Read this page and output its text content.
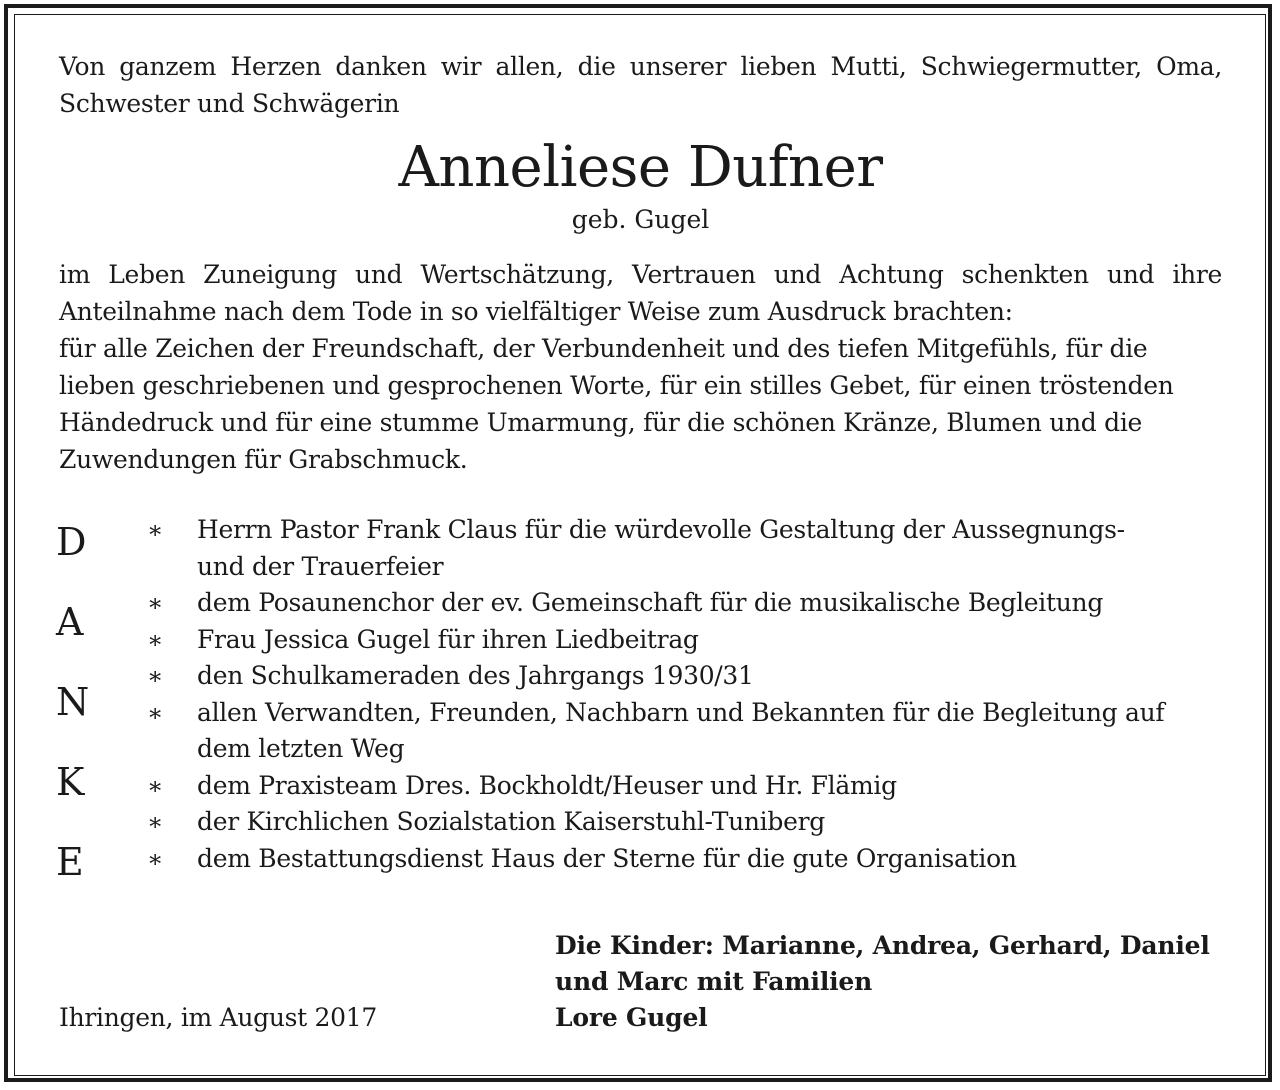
Von ganzem Herzen danken wir allen, die unserer lieben Mutti, Schwiegermutter, Oma, Schwester und Schwägerin

Anneliese Dufner
geb. Gugel

im Leben Zuneigung und Wertschätzung, Vertrauen und Achtung schenkten und ihre Anteilnahme nach dem Tode in so vielfältiger Weise zum Ausdruck brachten:

für alle Zeichen der Freundschaft, der Verbundenheit und des tiefen Mitgefühls, für die lieben geschriebenen und gesprochenen Worte, für ein stilles Gebet, für einen tröstenden Händedruck und für eine stumme Umarmung, für die schönen Kränze, Blumen und die Zuwendungen für Grabschmuck.

D
A
N
K
E
∗ Herrn Pastor Frank Claus für die würdevolle Gestaltung der Aussegnungs- und der Trauerfeier
∗ dem Posaunenchor der ev. Gemeinschaft für die musikalische Begleitung
∗ Frau Jessica Gugel für ihren Liedbeitrag
∗ den Schulkameraden des Jahrgangs 1930/31
∗ allen Verwandten, Freunden, Nachbarn und Bekannten für die Begleitung auf dem letzten Weg
∗ dem Praxisteam Dres. Bockholdt/Heuser und Hr. Flämig
∗ der Kirchlichen Sozialstation Kaiserstuhl-Tuniberg
∗ dem Bestattungsdienst Haus der Sterne für die gute Organisation
Ihringen, im August 2017
Die Kinder: Marianne, Andrea, Gerhard, Daniel
und Marc mit Familien
Lore Gugel
